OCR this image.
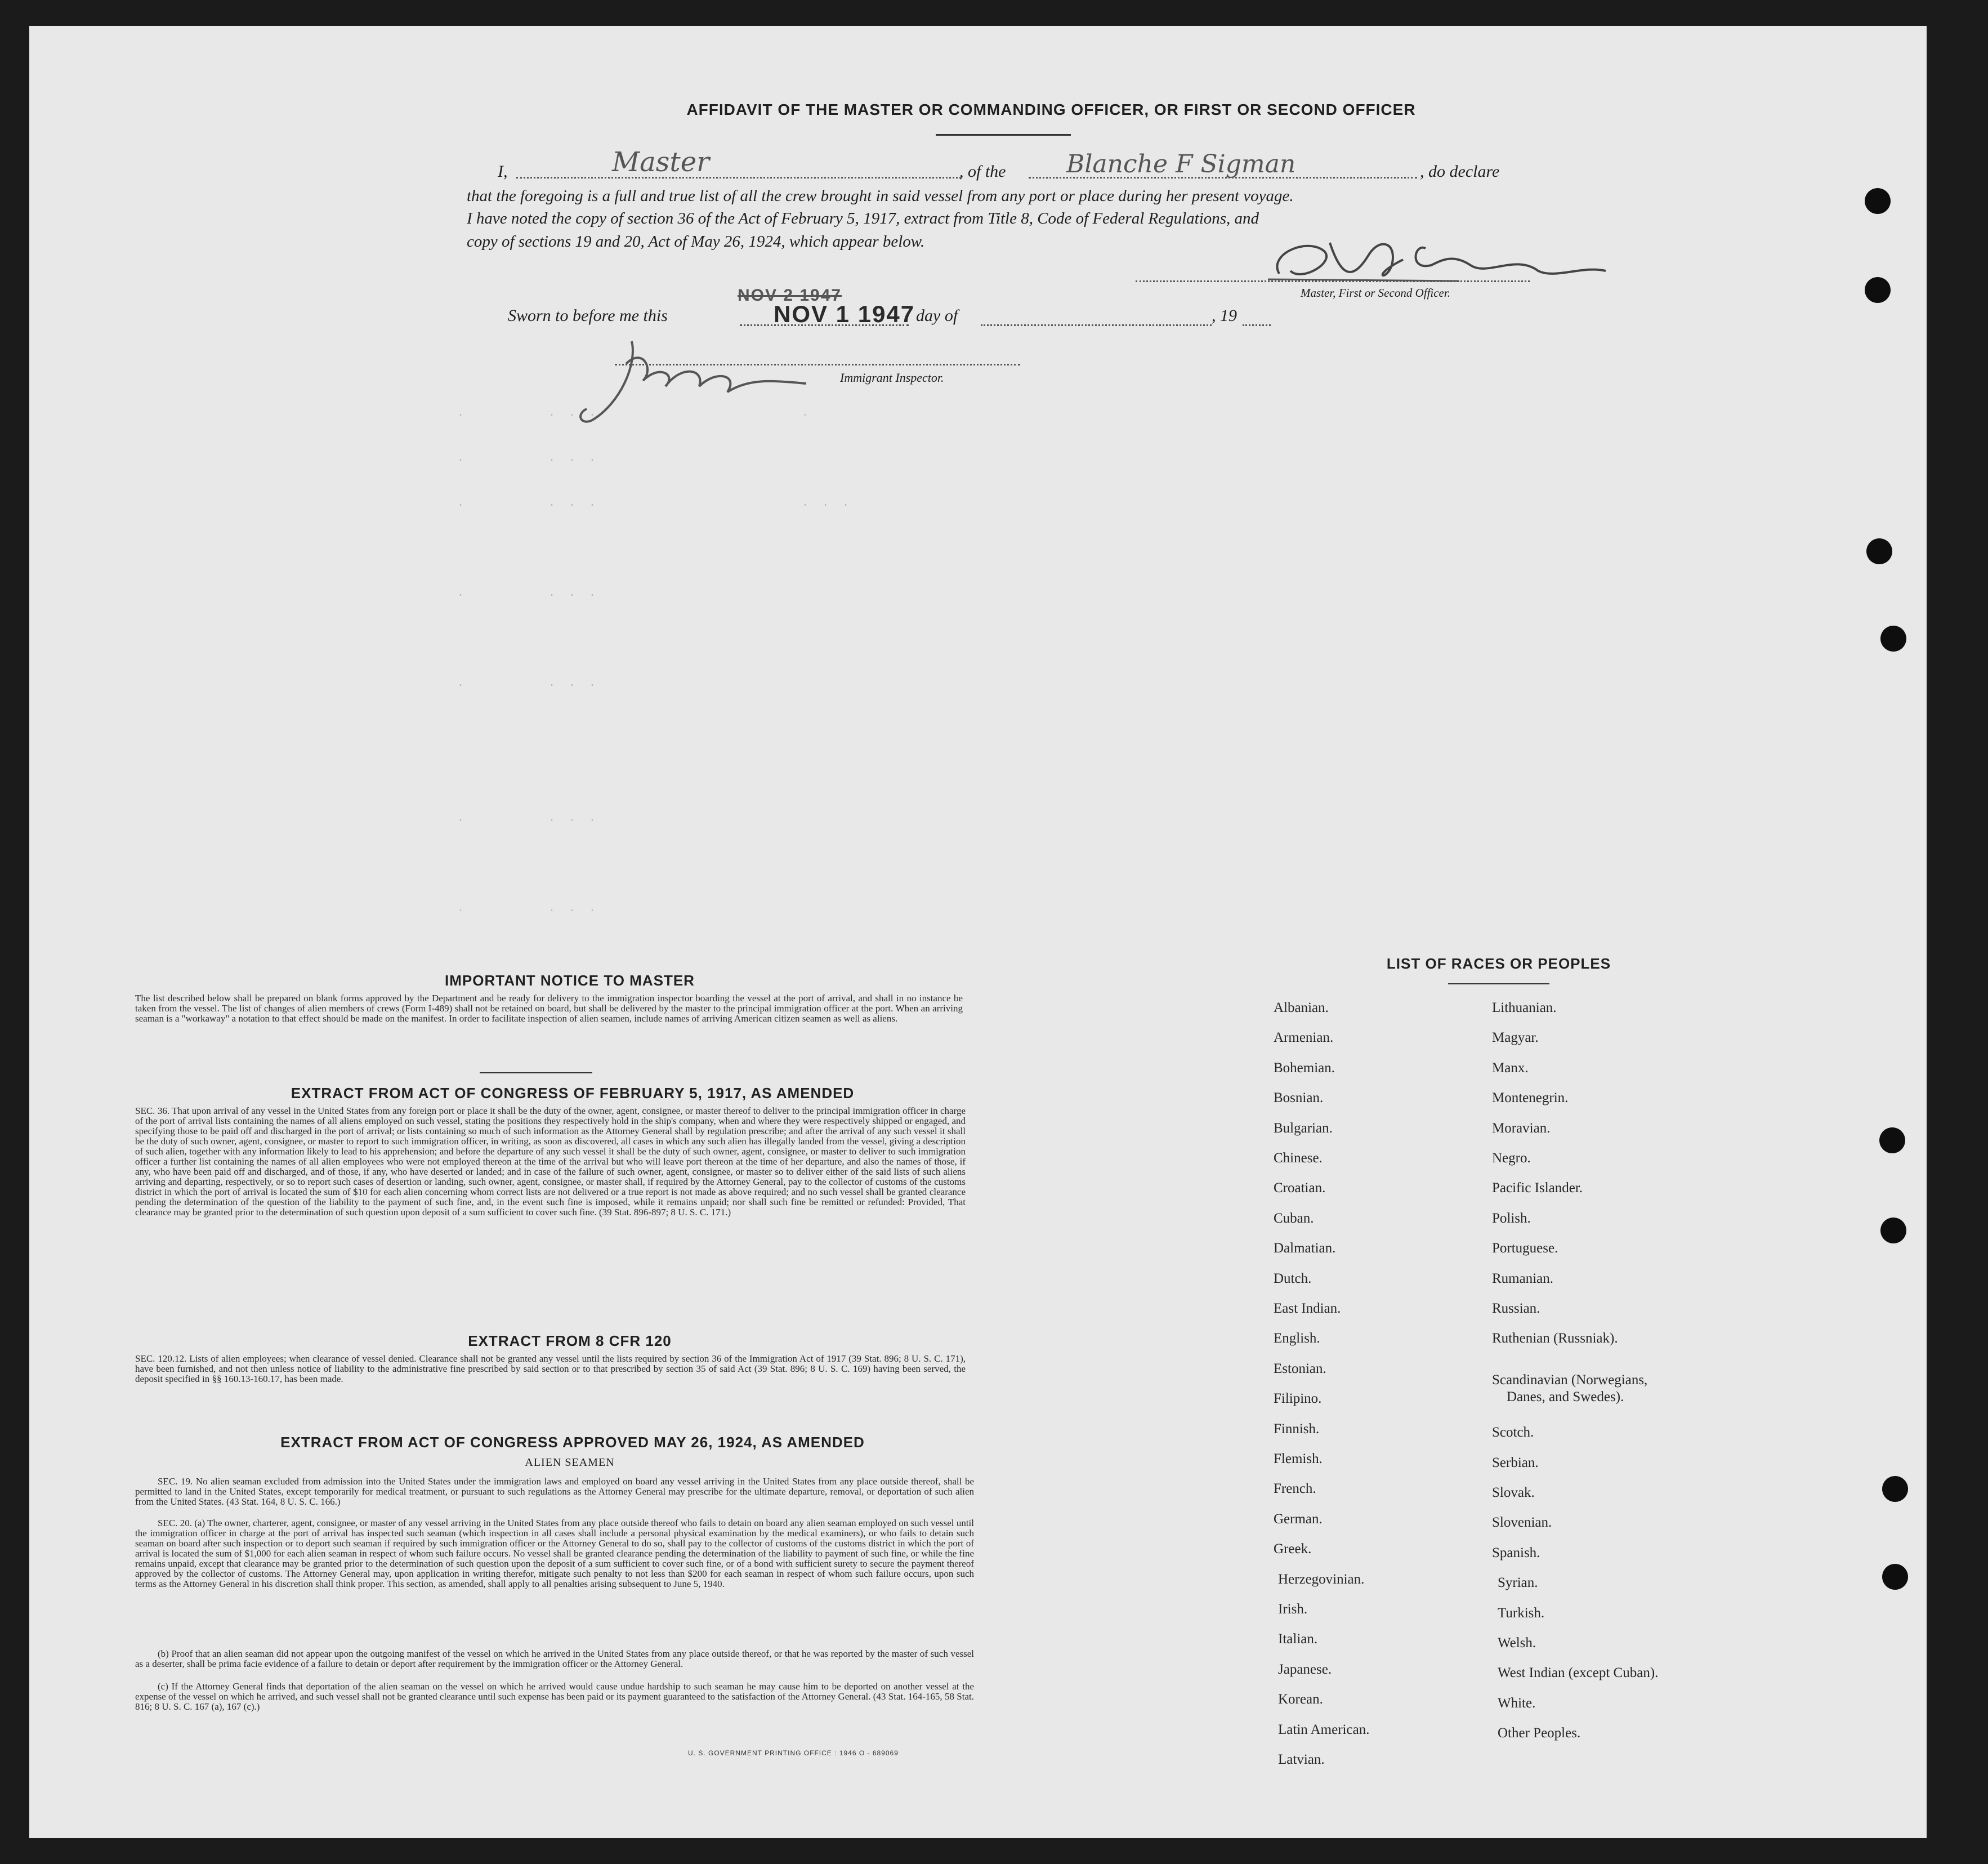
AFFIDAVIT OF THE MASTER OR COMMANDING OFFICER, OR FIRST OR SECOND OFFICER
I,	Master	, of the Blanche F Sigman	, do declare
that the foregoing is a full and true list of all the crew brought in said vessel from any port or place during her present voyage.
I have noted the copy of section 36 of the Act of February 5, 1917, extract from Title 8, Code of Federal Regulations, and
copy of sections 19 and 20, Act of May 26, 1924, which appear below.
Master, First or Second Officer.
Sworn to before me this
NOV 2 1947
NOV 1 1947 day of	, 19
Immigrant Inspector.
·        · · ·                    ·
·        · · ·
·        · · ·                    · · ·
·        · · ·
·        · · ·
·        · · ·
·        · · ·
IMPORTANT NOTICE TO MASTER
The list described below shall be prepared on blank forms approved by the Department and be ready for delivery to the immigration inspector boarding the vessel at the port of arrival, and shall in no instance be taken from the vessel. The list of changes of alien members of crews (Form I-489) shall not be retained on board, but shall be delivered by the master to the principal immigration officer at the port. When an arriving seaman is a "workaway" a notation to that effect should be made on the manifest. In order to facilitate inspection of alien seamen, include names of arriving American citizen seamen as well as aliens.
EXTRACT FROM ACT OF CONGRESS OF FEBRUARY 5, 1917, AS AMENDED
SEC. 36. That upon arrival of any vessel in the United States from any foreign port or place it shall be the duty of the owner, agent, consignee, or master thereof to deliver to the principal immigration officer in charge of the port of arrival lists containing the names of all aliens employed on such vessel, stating the positions they respectively hold in the ship's company, when and where they were respectively shipped or engaged, and specifying those to be paid off and discharged in the port of arrival; or lists containing so much of such information as the Attorney General shall by regulation prescribe; and after the arrival of any such vessel it shall be the duty of such owner, agent, consignee, or master to report to such immigration officer, in writing, as soon as discovered, all cases in which any such alien has illegally landed from the vessel, giving a description of such alien, together with any information likely to lead to his apprehension; and before the departure of any such vessel it shall be the duty of such owner, agent, consignee, or master to deliver to such immigration officer a further list containing the names of all alien employees who were not employed thereon at the time of the arrival but who will leave port thereon at the time of her departure, and also the names of those, if any, who have been paid off and discharged, and of those, if any, who have deserted or landed; and in case of the failure of such owner, agent, consignee, or master so to deliver either of the said lists of such aliens arriving and departing, respectively, or so to report such cases of desertion or landing, such owner, agent, consignee, or master shall, if required by the Attorney General, pay to the collector of customs of the customs district in which the port of arrival is located the sum of $10 for each alien concerning whom correct lists are not delivered or a true report is not made as above required; and no such vessel shall be granted clearance pending the determination of the question of the liability to the payment of such fine, and, in the event such fine is imposed, while it remains unpaid; nor shall such fine be remitted or refunded: Provided, That clearance may be granted prior to the determination of such question upon deposit of a sum sufficient to cover such fine. (39 Stat. 896-897; 8 U. S. C. 171.)
EXTRACT FROM 8 CFR 120
SEC. 120.12. Lists of alien employees; when clearance of vessel denied. Clearance shall not be granted any vessel until the lists required by section 36 of the Immigration Act of 1917 (39 Stat. 896; 8 U. S. C. 171), have been furnished, and not then unless notice of liability to the administrative fine prescribed by said section or to that prescribed by section 35 of said Act (39 Stat. 896; 8 U. S. C. 169) having been served, the deposit specified in §§ 160.13-160.17, has been made.
EXTRACT FROM ACT OF CONGRESS APPROVED MAY 26, 1924, AS AMENDED
ALIEN SEAMEN
SEC. 19. No alien seaman excluded from admission into the United States under the immigration laws and employed on board any vessel arriving in the United States from any place outside thereof, shall be permitted to land in the United States, except temporarily for medical treatment, or pursuant to such regulations as the Attorney General may prescribe for the ultimate departure, removal, or deportation of such alien from the United States. (43 Stat. 164, 8 U. S. C. 166.)
SEC. 20. (a) The owner, charterer, agent, consignee, or master of any vessel arriving in the United States from any place outside thereof who fails to detain on board any alien seaman employed on such vessel until the immigration officer in charge at the port of arrival has inspected such seaman (which inspection in all cases shall include a personal physical examination by the medical examiners), or who fails to detain such seaman on board after such inspection or to deport such seaman if required by such immigration officer or the Attorney General to do so, shall pay to the collector of customs of the customs district in which the port of arrival is located the sum of $1,000 for each alien seaman in respect of whom such failure occurs. No vessel shall be granted clearance pending the determination of the liability to payment of such fine, or while the fine remains unpaid, except that clearance may be granted prior to the determination of such question upon the deposit of a sum sufficient to cover such fine, or of a bond with sufficient surety to secure the payment thereof approved by the collector of customs. The Attorney General may, upon application in writing therefor, mitigate such penalty to not less than $200 for each seaman in respect of whom such failure occurs, upon such terms as the Attorney General in his discretion shall think proper. This section, as amended, shall apply to all penalties arising subsequent to June 5, 1940.
(b) Proof that an alien seaman did not appear upon the outgoing manifest of the vessel on which he arrived in the United States from any place outside thereof, or that he was reported by the master of such vessel as a deserter, shall be prima facie evidence of a failure to detain or deport after requirement by the immigration officer or the Attorney General.
(c) If the Attorney General finds that deportation of the alien seaman on the vessel on which he arrived would cause undue hardship to such seaman he may cause him to be deported on another vessel at the expense of the vessel on which he arrived, and such vessel shall not be granted clearance until such expense has been paid or its payment guaranteed to the satisfaction of the Attorney General. (43 Stat. 164-165, 58 Stat. 816; 8 U. S. C. 167 (a), 167 (c).)
U. S. GOVERNMENT PRINTING OFFICE : 1946 O - 689069
LIST OF RACES OR PEOPLES
Albanian.
Armenian.
Bohemian.
Bosnian.
Bulgarian.
Chinese.
Croatian.
Cuban.
Dalmatian.
Dutch.
East Indian.
English.
Estonian.
Filipino.
Finnish.
Flemish.
French.
German.
Greek.
Herzegovinian.
Irish.
Italian.
Japanese.
Korean.
Latin American.
Latvian.
Lithuanian.
Magyar.
Manx.
Montenegrin.
Moravian.
Negro.
Pacific Islander.
Polish.
Portuguese.
Rumanian.
Russian.
Ruthenian (Russniak).
Scandinavian (Norwegians,
Danes, and Swedes).
Scotch.
Serbian.
Slovak.
Slovenian.
Spanish.
Syrian.
Turkish.
Welsh.
West Indian (except Cuban).
White.
Other Peoples.
